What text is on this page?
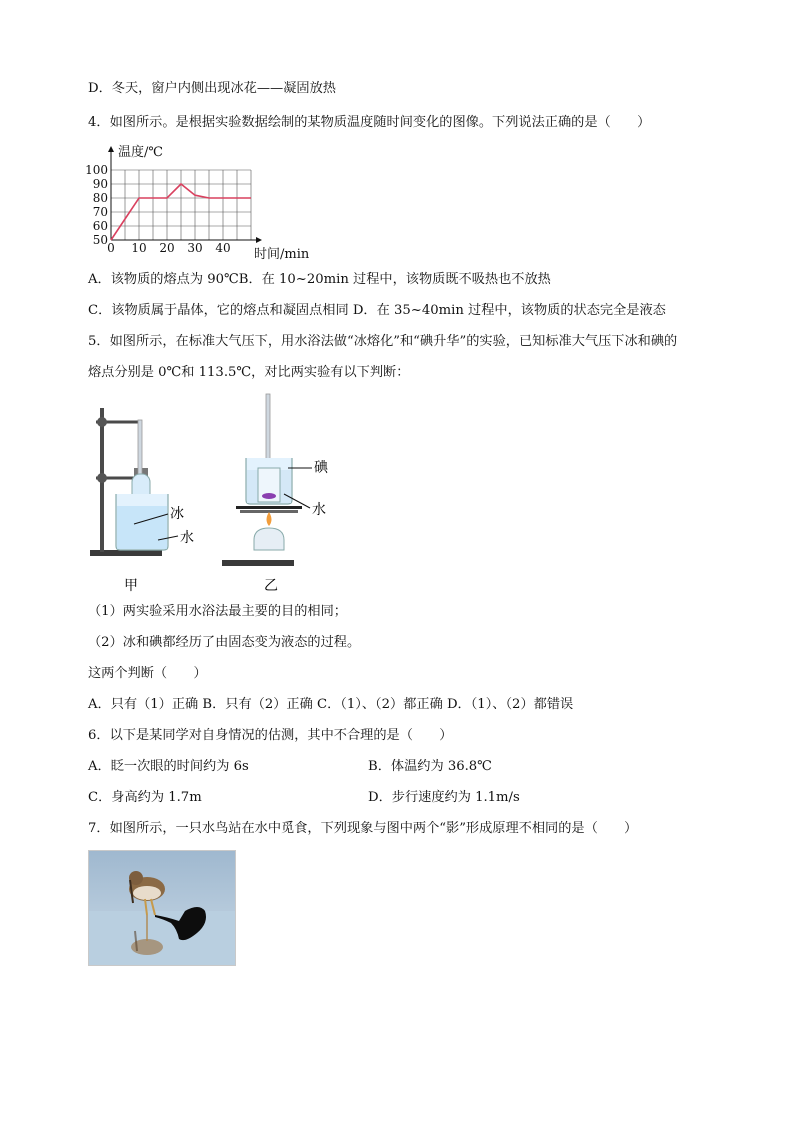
D．冬天，窗户内侧出现冰花——凝固放热
4．如图所示。是根据实验数据绘制的某物质温度随时间变化的图像。下列说法正确的是（　　）
0 10 20 30 40
100
90
80
70
60
50
温度/℃
时间/min
A．该物质的熔点为 90℃B．在 10~20min 过程中，该物质既不吸热也不放热
C．该物质属于晶体，它的熔点和凝固点相同 D．在 35~40min 过程中，该物质的状态完全是液态
5．如图所示，在标准大气压下，用水浴法做“冰熔化”和“碘升华”的实验，已知标准大气压下冰和碘的
熔点分别是 0℃和 113.5℃，对比两实验有以下判断：
冰
水
甲
碘
水
乙
（1）两实验采用水浴法最主要的目的相同；
（2）冰和碘都经历了由固态变为液态的过程。
这两个判断（　　）
A．只有（1）正确 B．只有（2）正确 C．（1）、（2）都正确 D．（1）、（2）都错误
6．以下是某同学对自身情况的估测，其中不合理的是（　　）
A．眨一次眼的时间约为 6s	B．体温约为 36.8℃
C．身高约为 1.7m	D．步行速度约为 1.1m/s
7．如图所示，一只水鸟站在水中觅食，下列现象与图中两个“影”形成原理不相同的是（　　）
